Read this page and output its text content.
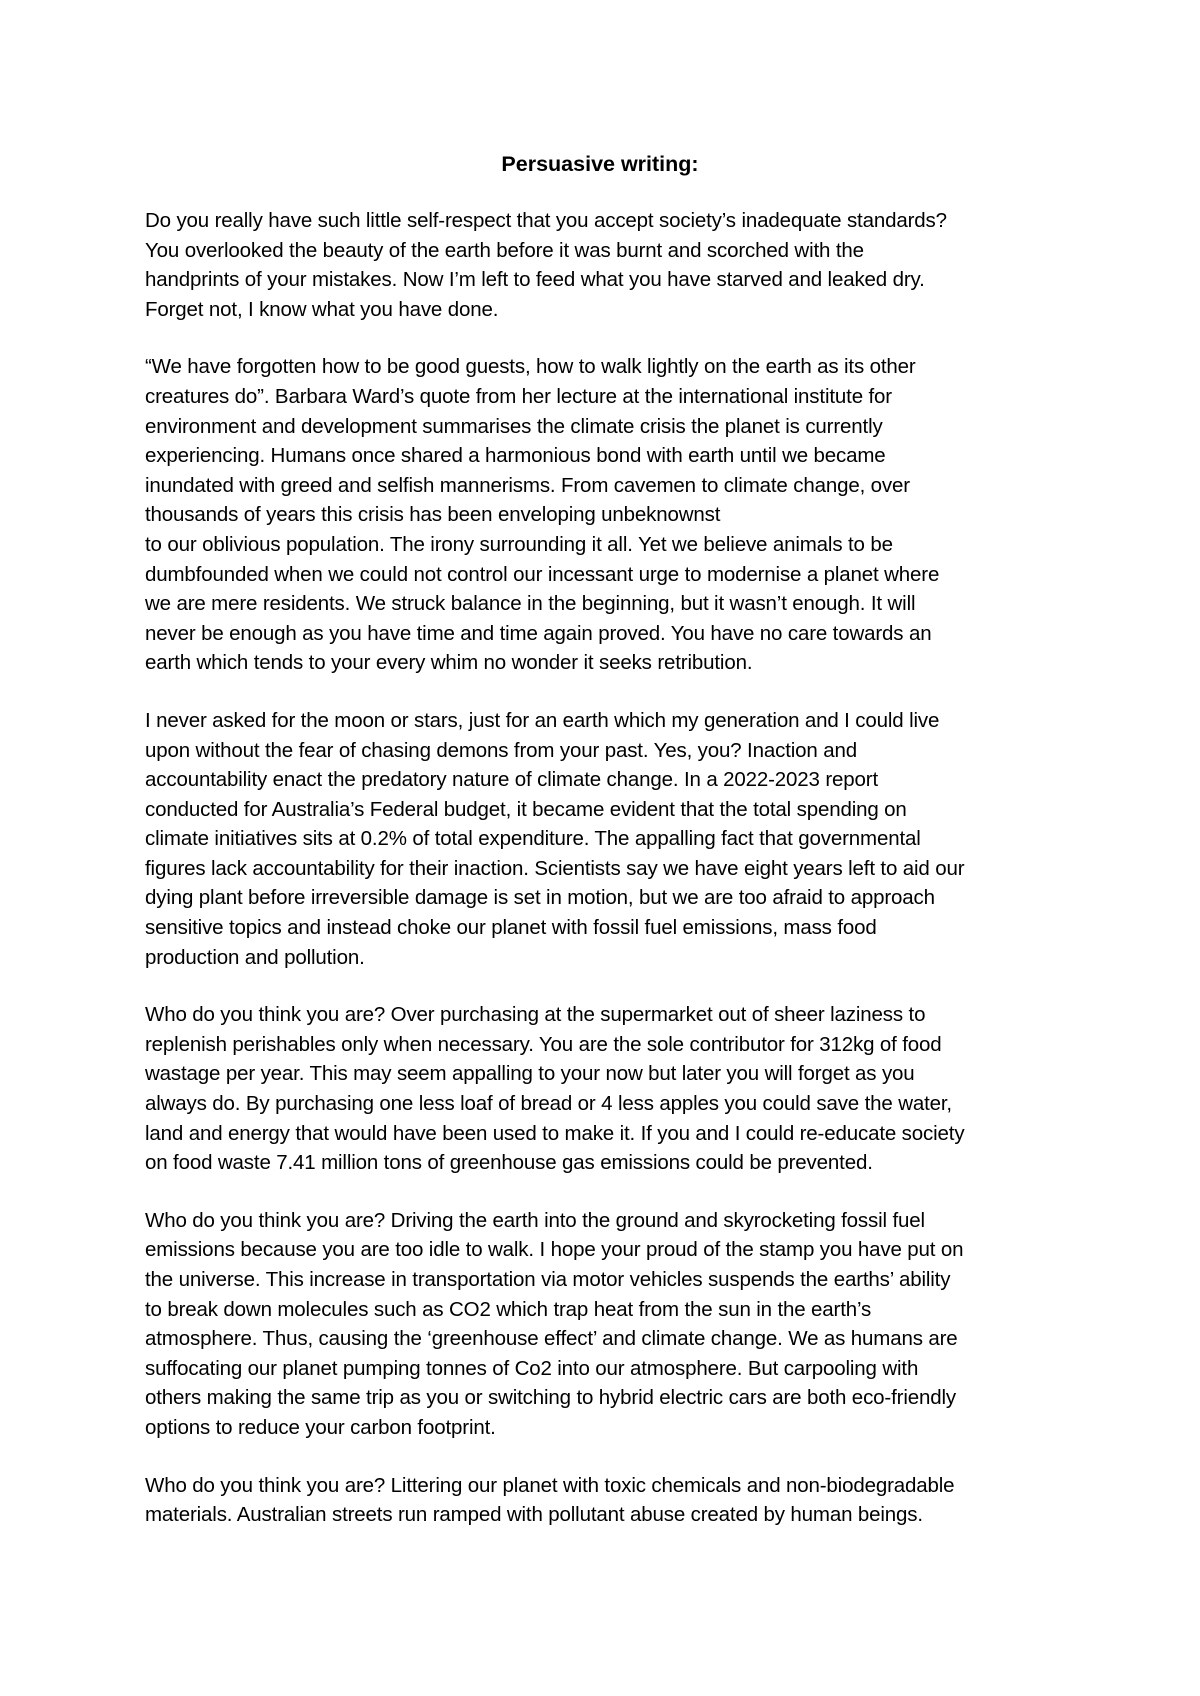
Persuasive writing:

Do you really have such little self-respect that you accept society’s inadequate standards?
You overlooked the beauty of the earth before it was burnt and scorched with the
handprints of your mistakes. Now I’m left to feed what you have starved and leaked dry.
Forget not, I know what you have done.

“We have forgotten how to be good guests, how to walk lightly on the earth as its other
creatures do”. Barbara Ward’s quote from her lecture at the international institute for
environment and development summarises the climate crisis the planet is currently
experiencing. Humans once shared a harmonious bond with earth until we became
inundated with greed and selfish mannerisms. From cavemen to climate change, over
thousands of years this crisis has been enveloping unbeknownst
to our oblivious population. The irony surrounding it all. Yet we believe animals to be
dumbfounded when we could not control our incessant urge to modernise a planet where
we are mere residents. We struck balance in the beginning, but it wasn’t enough. It will
never be enough as you have time and time again proved. You have no care towards an
earth which tends to your every whim no wonder it seeks retribution.

I never asked for the moon or stars, just for an earth which my generation and I could live
upon without the fear of chasing demons from your past. Yes, you? Inaction and
accountability enact the predatory nature of climate change. In a 2022-2023 report
conducted for Australia’s Federal budget, it became evident that the total spending on
climate initiatives sits at 0.2% of total expenditure. The appalling fact that governmental
figures lack accountability for their inaction. Scientists say we have eight years left to aid our
dying plant before irreversible damage is set in motion, but we are too afraid to approach
sensitive topics and instead choke our planet with fossil fuel emissions, mass food
production and pollution.

Who do you think you are? Over purchasing at the supermarket out of sheer laziness to
replenish perishables only when necessary. You are the sole contributor for 312kg of food
wastage per year. This may seem appalling to your now but later you will forget as you
always do. By purchasing one less loaf of bread or 4 less apples you could save the water,
land and energy that would have been used to make it. If you and I could re-educate society
on food waste 7.41 million tons of greenhouse gas emissions could be prevented.

Who do you think you are? Driving the earth into the ground and skyrocketing fossil fuel
emissions because you are too idle to walk. I hope your proud of the stamp you have put on
the universe. This increase in transportation via motor vehicles suspends the earths’ ability
to break down molecules such as CO2 which trap heat from the sun in the earth’s
atmosphere. Thus, causing the ‘greenhouse effect’ and climate change. We as humans are
suffocating our planet pumping tonnes of Co2 into our atmosphere. But carpooling with
others making the same trip as you or switching to hybrid electric cars are both eco-friendly
options to reduce your carbon footprint.

Who do you think you are? Littering our planet with toxic chemicals and non-biodegradable
materials. Australian streets run ramped with pollutant abuse created by human beings.
